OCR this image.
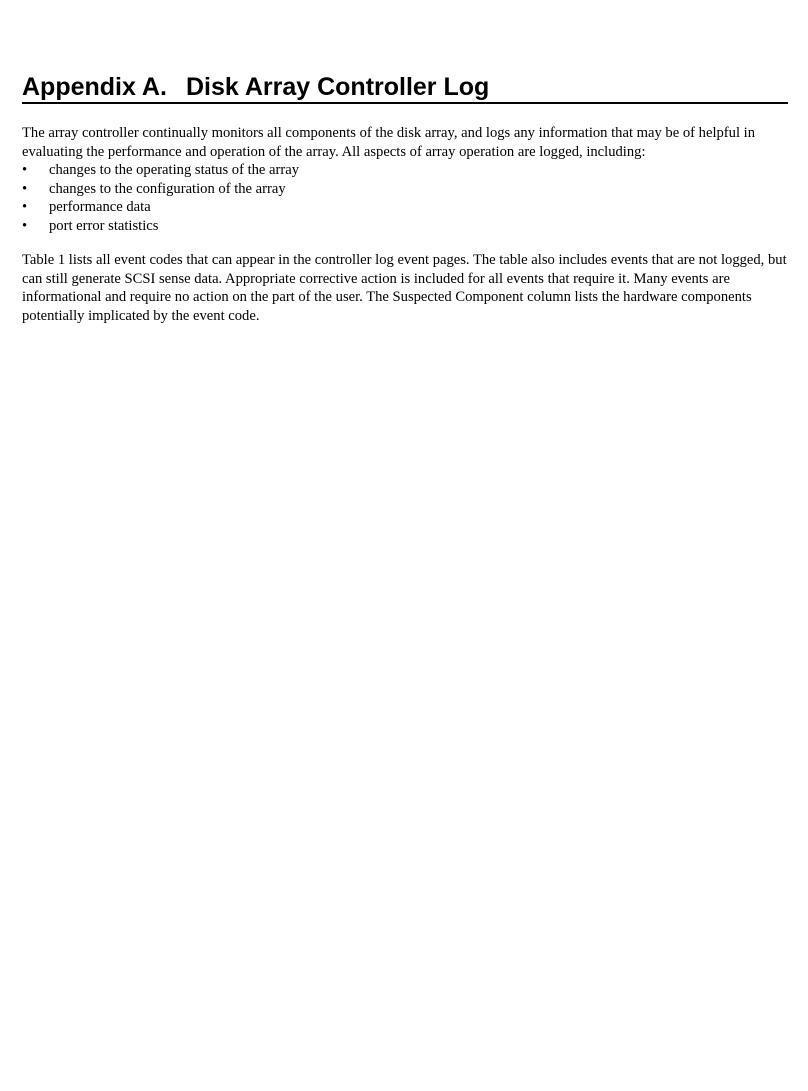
Appendix A. Disk Array Controller Log

The array controller continually monitors all components of the disk array, and logs any information that may be of helpful in evaluating the performance and operation of the array. All aspects of array operation are logged, including:

•	changes to the operating status of the array
•	changes to the configuration of the array
•	performance data
•	port error statistics

Table 1 lists all event codes that can appear in the controller log event pages. The table also includes events that are not logged, but can still generate SCSI sense data. Appropriate corrective action is included for all events that require it. Many events are informational and require no action on the part of the user. The Suspected Component column lists the hardware components potentially implicated by the event code.
